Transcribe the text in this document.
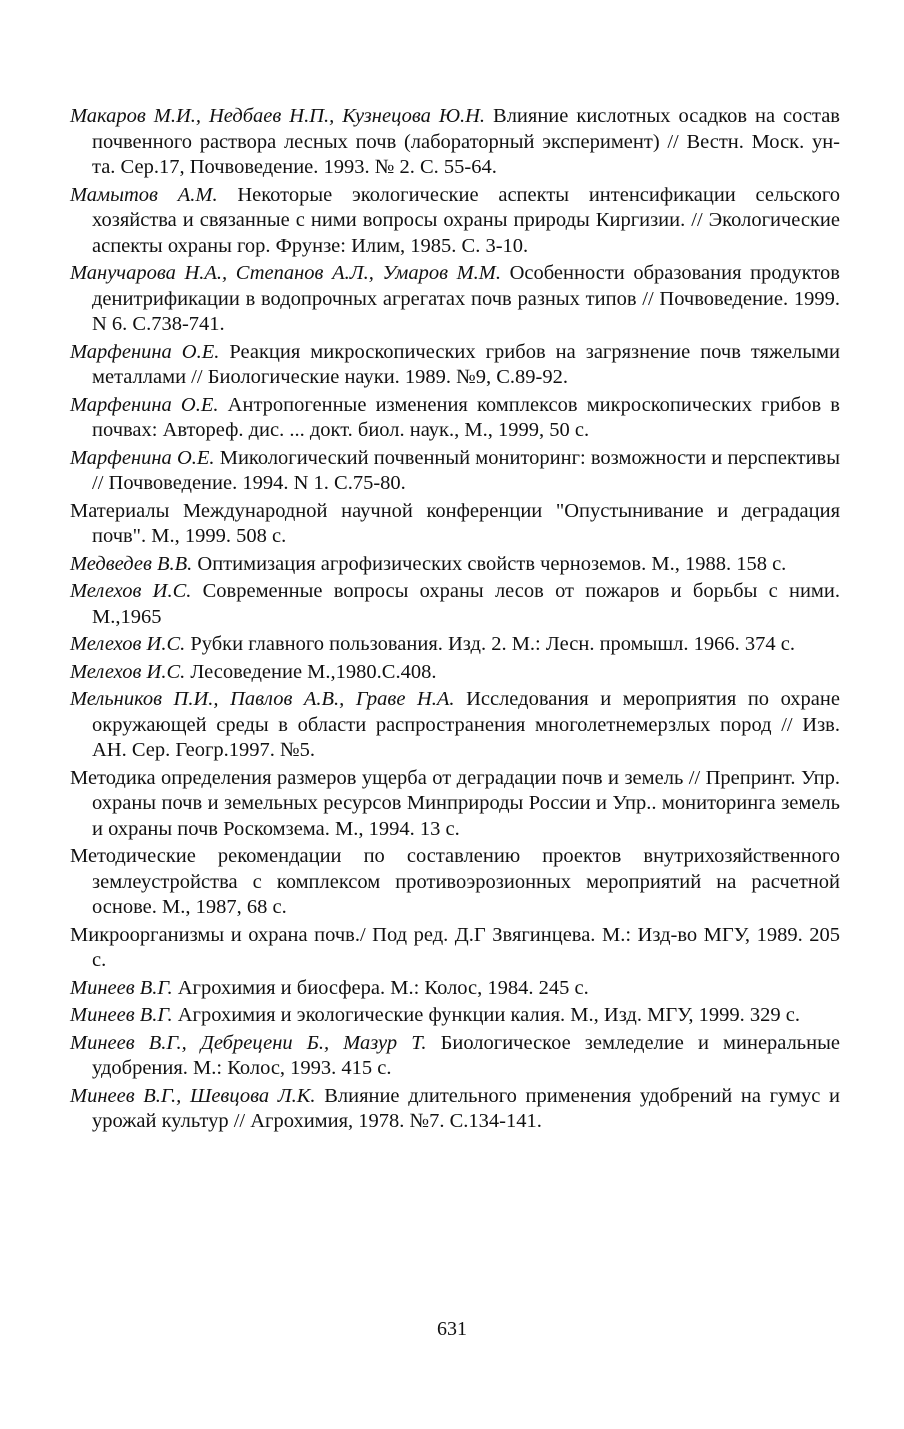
Макаров М.И., Недбаев Н.П., Кузнецова Ю.Н. Влияние кислотных осадков на состав почвенного раствора лесных почв (лабораторный эксперимент) // Вестн. Моск. ун-та. Сер.17, Почвоведение. 1993. № 2. С. 55-64.

Мамытов А.М. Некоторые экологические аспекты интенсификации сельского хозяйства и связанные с ними вопросы охраны природы Киргизии. // Экологические аспекты охраны гор. Фрунзе: Илим, 1985. С. 3-10.

Манучарова Н.А., Степанов А.Л., Умаров М.М. Особенности образования продуктов денитрификации в водопрочных агрегатах почв разных типов // Почвоведение. 1999. N 6. С.738-741.

Марфенина О.Е. Реакция микроскопических грибов на загрязнение почв тяжелыми металлами // Биологические науки. 1989. №9, С.89-92.

Марфенина О.Е. Антропогенные изменения комплексов микроскопических грибов в почвах: Автореф. дис. ... докт. биол. наук., М., 1999, 50 с.

Марфенина О.Е. Микологический почвенный мониторинг: возможности и перспективы // Почвоведение. 1994. N 1. С.75-80.

Материалы Международной научной конференции "Опустынивание и деградация почв". М., 1999. 508 с.

Медведев В.В. Оптимизация агрофизических свойств черноземов. М., 1988. 158 с.

Мелехов И.С. Современные вопросы охраны лесов от пожаров и борьбы с ними. М.,1965

Мелехов И.С. Рубки главного пользования. Изд. 2. М.: Лесн. промышл. 1966. 374 с.

Мелехов И.С. Лесоведение М.,1980.С.408.

Мельников П.И., Павлов А.В., Граве Н.А. Исследования и мероприятия по охране окружающей среды в области распространения многолетнемерзлых пород // Изв. АН. Сер. Геогр.1997. №5.

Методика определения размеров ущерба от деградации почв и земель // Препринт. Упр. охраны почв и земельных ресурсов Минприроды России и Упр.. мониторинга земель и охраны почв Роскомзема. М., 1994. 13 с.

Методические рекомендации по составлению проектов внутрихозяйственного землеустройства с комплексом противоэрозионных мероприятий на расчетной основе. М., 1987, 68 с.

Микроорганизмы и охрана почв./ Под ред. Д.Г Звягинцева. М.: Изд-во МГУ, 1989. 205 с.

Минеев В.Г. Агрохимия и биосфера. М.: Колос, 1984. 245 с.

Минеев В.Г. Агрохимия и экологические функции калия. М., Изд. МГУ, 1999. 329 с.

Минеев В.Г., Дебрецени Б., Мазур Т. Биологическое земледелие и минеральные удобрения. М.: Колос, 1993. 415 с.

Минеев В.Г., Шевцова Л.К. Влияние длительного применения удобрений на гумус и урожай культур // Агрохимия, 1978. №7. С.134-141.

631
